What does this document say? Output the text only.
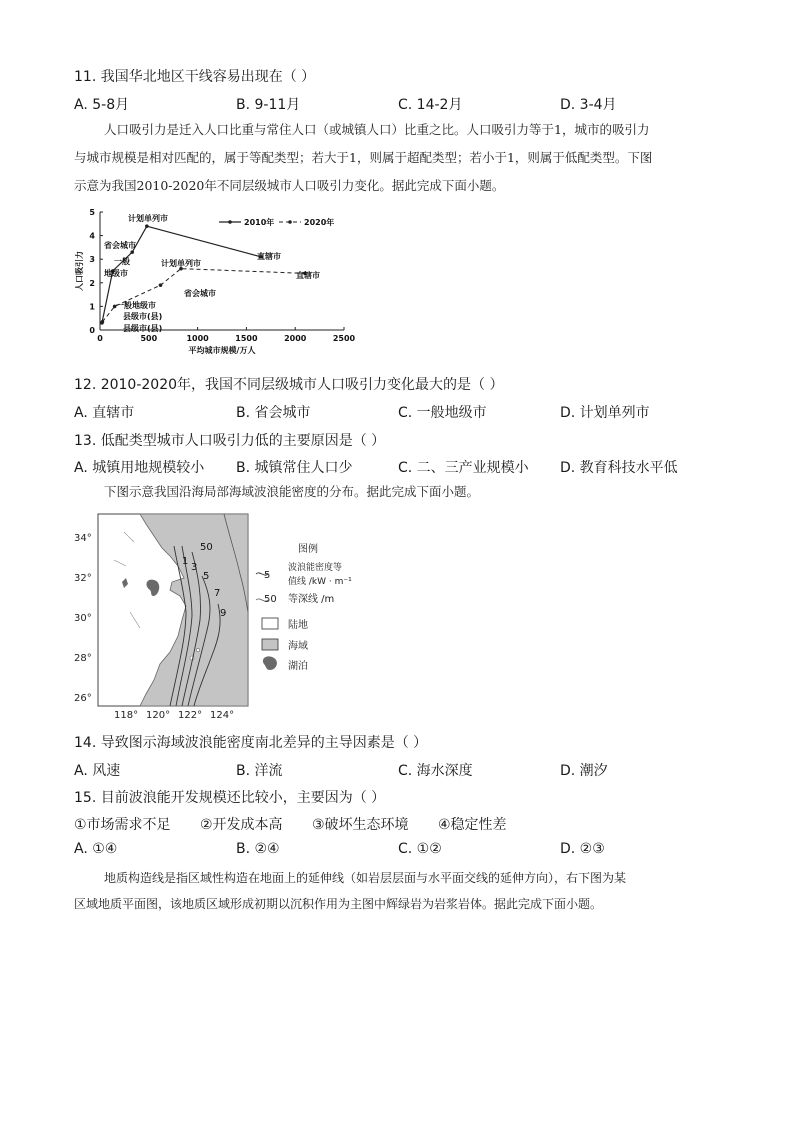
11. 我国华北地区干线容易出现在（ ）
A. 5-8月	B. 9-11月	C. 14-2月	D. 3-4月
人口吸引力是迁入人口比重与常住人口（或城镇人口）比重之比。人口吸引力等于1，城市的吸引力
与城市规模是相对匹配的，属于等配类型；若大于1，则属于超配类型；若小于1，则属于低配类型。下图
示意为我国2010-2020年不同层级城市人口吸引力变化。据此完成下面小题。
0	500	1000	1500	2000	2500
0
1
2
3
4
5
平均城市规模/万人
人口吸引力
2010年	2020年
计划单列市
省会城市
一般
地级市
计划单列市
直辖市
直辖市
省会城市
一般地级市
县级市(县)
县级市(县)
12. 2010-2020年，我国不同层级城市人口吸引力变化最大的是（ ）
A. 直辖市	B. 省会城市	C. 一般地级市	D. 计划单列市
13. 低配类型城市人口吸引力低的主要原因是（ ）
A. 城镇用地规模较小 B. 城镇常住人口少	C. 二、三产业规模小 D. 教育科技水平低
下图示意我国沿海局部海域波浪能密度的分布。据此完成下面小题。
1
3
5
7
9
50
34°
32°
30°
28°
26°
118° 120° 122° 124°
图例
5
波浪能密度等
值线 /kW · m⁻¹
50 等深线 /m
陆地
海域
湖泊
14. 导致图示海域波浪能密度南北差异的主导因素是（ ）
A. 风速	B. 洋流	C. 海水深度	D. 潮汐
15. 目前波浪能开发规模还比较小，主要因为（ ）
①市场需求不足 ②开发成本高 ③破坏生态环境 ④稳定性差
A. ①④	B. ②④	C. ①②	D. ②③
地质构造线是指区域性构造在地面上的延伸线（如岩层层面与水平面交线的延伸方向），右下图为某
区域地质平面图，该地质区域形成初期以沉积作用为主图中辉绿岩为岩浆岩体。据此完成下面小题。
